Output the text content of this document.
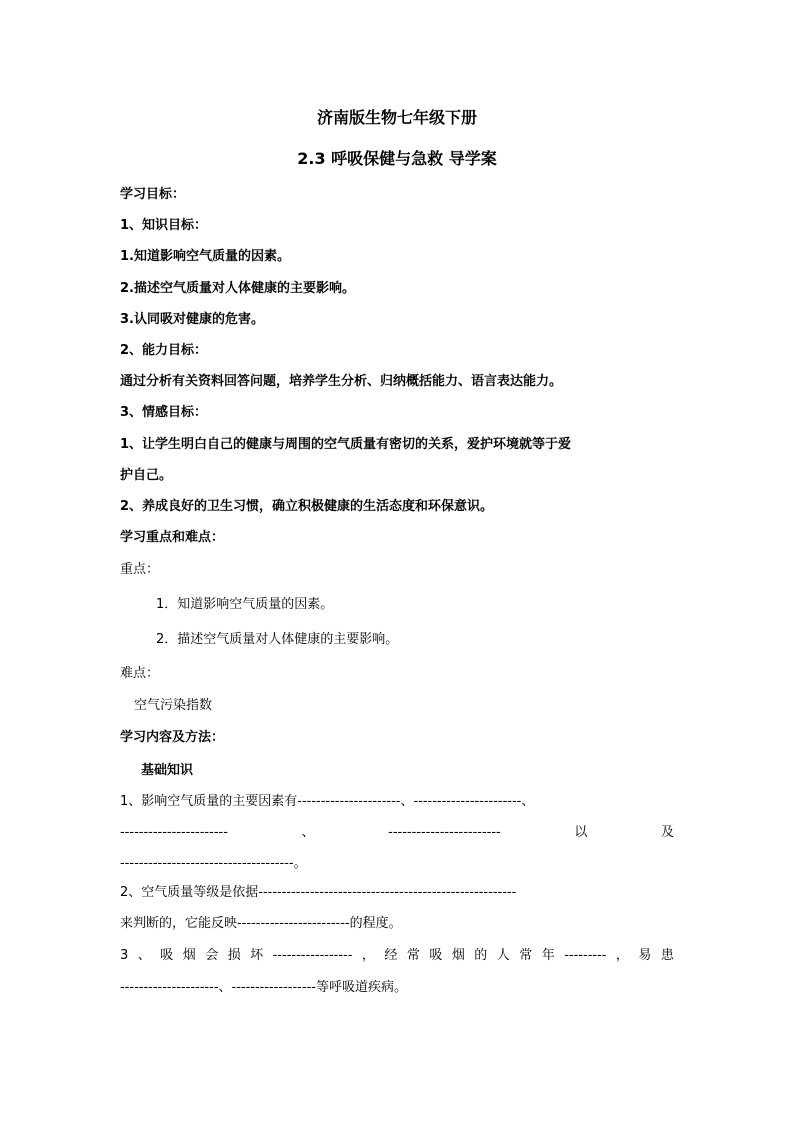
济南版生物七年级下册
2.3 呼吸保健与急救 导学案
学习目标：
1、知识目标：
1.知道影响空气质量的因素。
2.描述空气质量对人体健康的主要影响。
3.认同吸对健康的危害。
2、能力目标：
通过分析有关资料回答问题，培养学生分析、归纳概括能力、语言表达能力。
3、情感目标：
1、让学生明白自己的健康与周围的空气质量有密切的关系，爱护环境就等于爱
护自己。
2、养成良好的卫生习惯，确立积极健康的生活态度和环保意识。
学习重点和难点：
重点：
1．知道影响空气质量的因素。
2．描述空气质量对人体健康的主要影响。
难点：
空气污染指数
学习内容及方法：
基础知识
1、影响空气质量的主要因素有----------------------、-----------------------、
-----------------------	、	------------------------	以	及
-------------------------------------。
2、空气质量等级是依据-------------------------------------------------------
来判断的，它能反映------------------------的程度。
3 、 吸 烟 会 损 坏 ----------------- ， 经 常 吸 烟 的 人 常 年 --------- ， 易 患
---------------------、------------------等呼吸道疾病。
